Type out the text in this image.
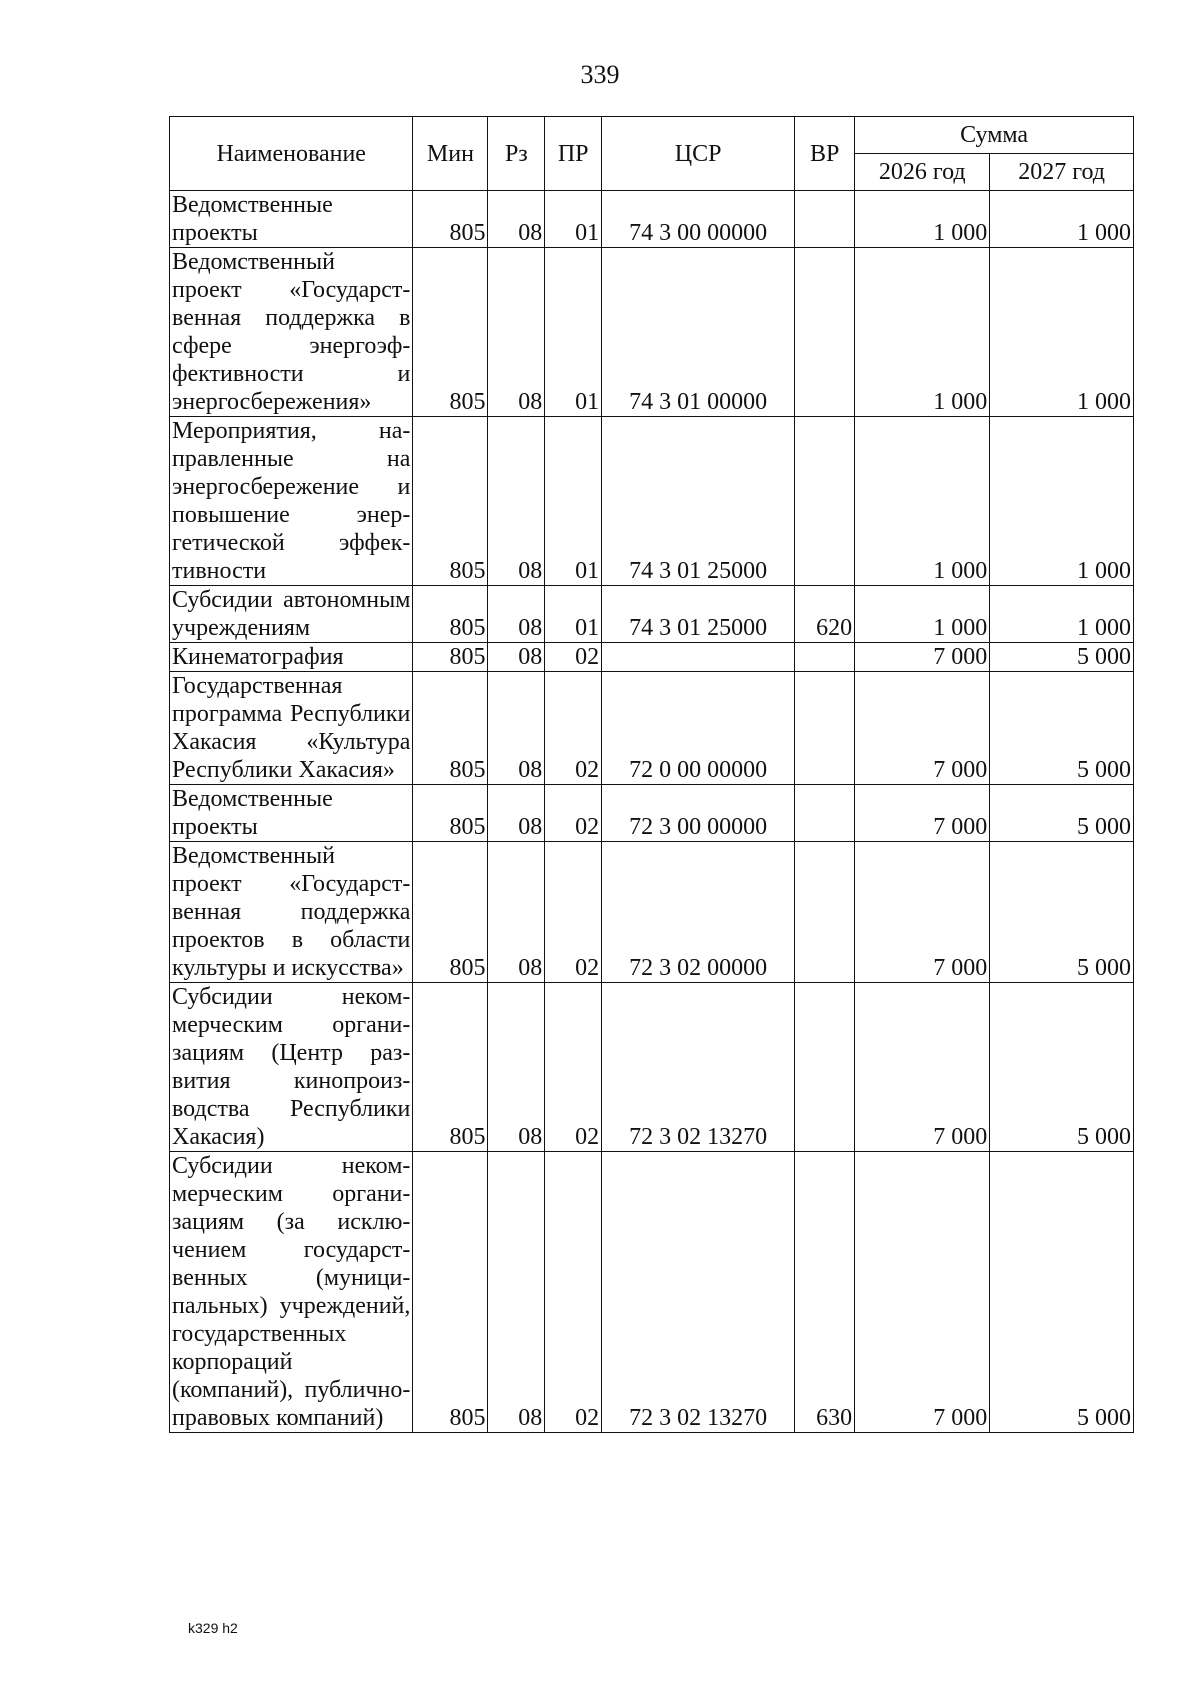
339
Наименование	Мин	Рз	ПР	ЦСР	ВР	Сумма	
						2026 год	2027 год
Ведомственные проекты	805	08	01	74 3 00 00000		1 000	1 000
Ведомственный проект «Государственная поддержка в сфере энергоэффективности и энергосбережения»	805	08	01	74 3 01 00000		1 000	1 000
Мероприятия, направленные на энергосбережение и повышение энергетической эффективности	805	08	01	74 3 01 25000		1 000	1 000
Субсидии автономным учреждениям	805	08	01	74 3 01 25000	620	1 000	1 000
Кинематография	805	08	02			7 000	5 000
Государственная программа Республики Хакасия «Культура Республики Хакасия»	805	08	02	72 0 00 00000		7 000	5 000
Ведомственные проекты	805	08	02	72 3 00 00000		7 000	5 000
Ведомственный проект «Государственная поддержка проектов в области культуры и искусства»	805	08	02	72 3 02 00000		7 000	5 000
Субсидии некоммерческим организациям (Центр развития кинопроизводства Республики Хакасия)	805	08	02	72 3 02 13270		7 000	5 000
Субсидии некоммерческим организациям (за исключением государственных (муниципальных) учреждений, государственных корпораций (компаний), публично-правовых компаний)	805	08	02	72 3 02 13270	630	7 000	5 000
k329 h2
